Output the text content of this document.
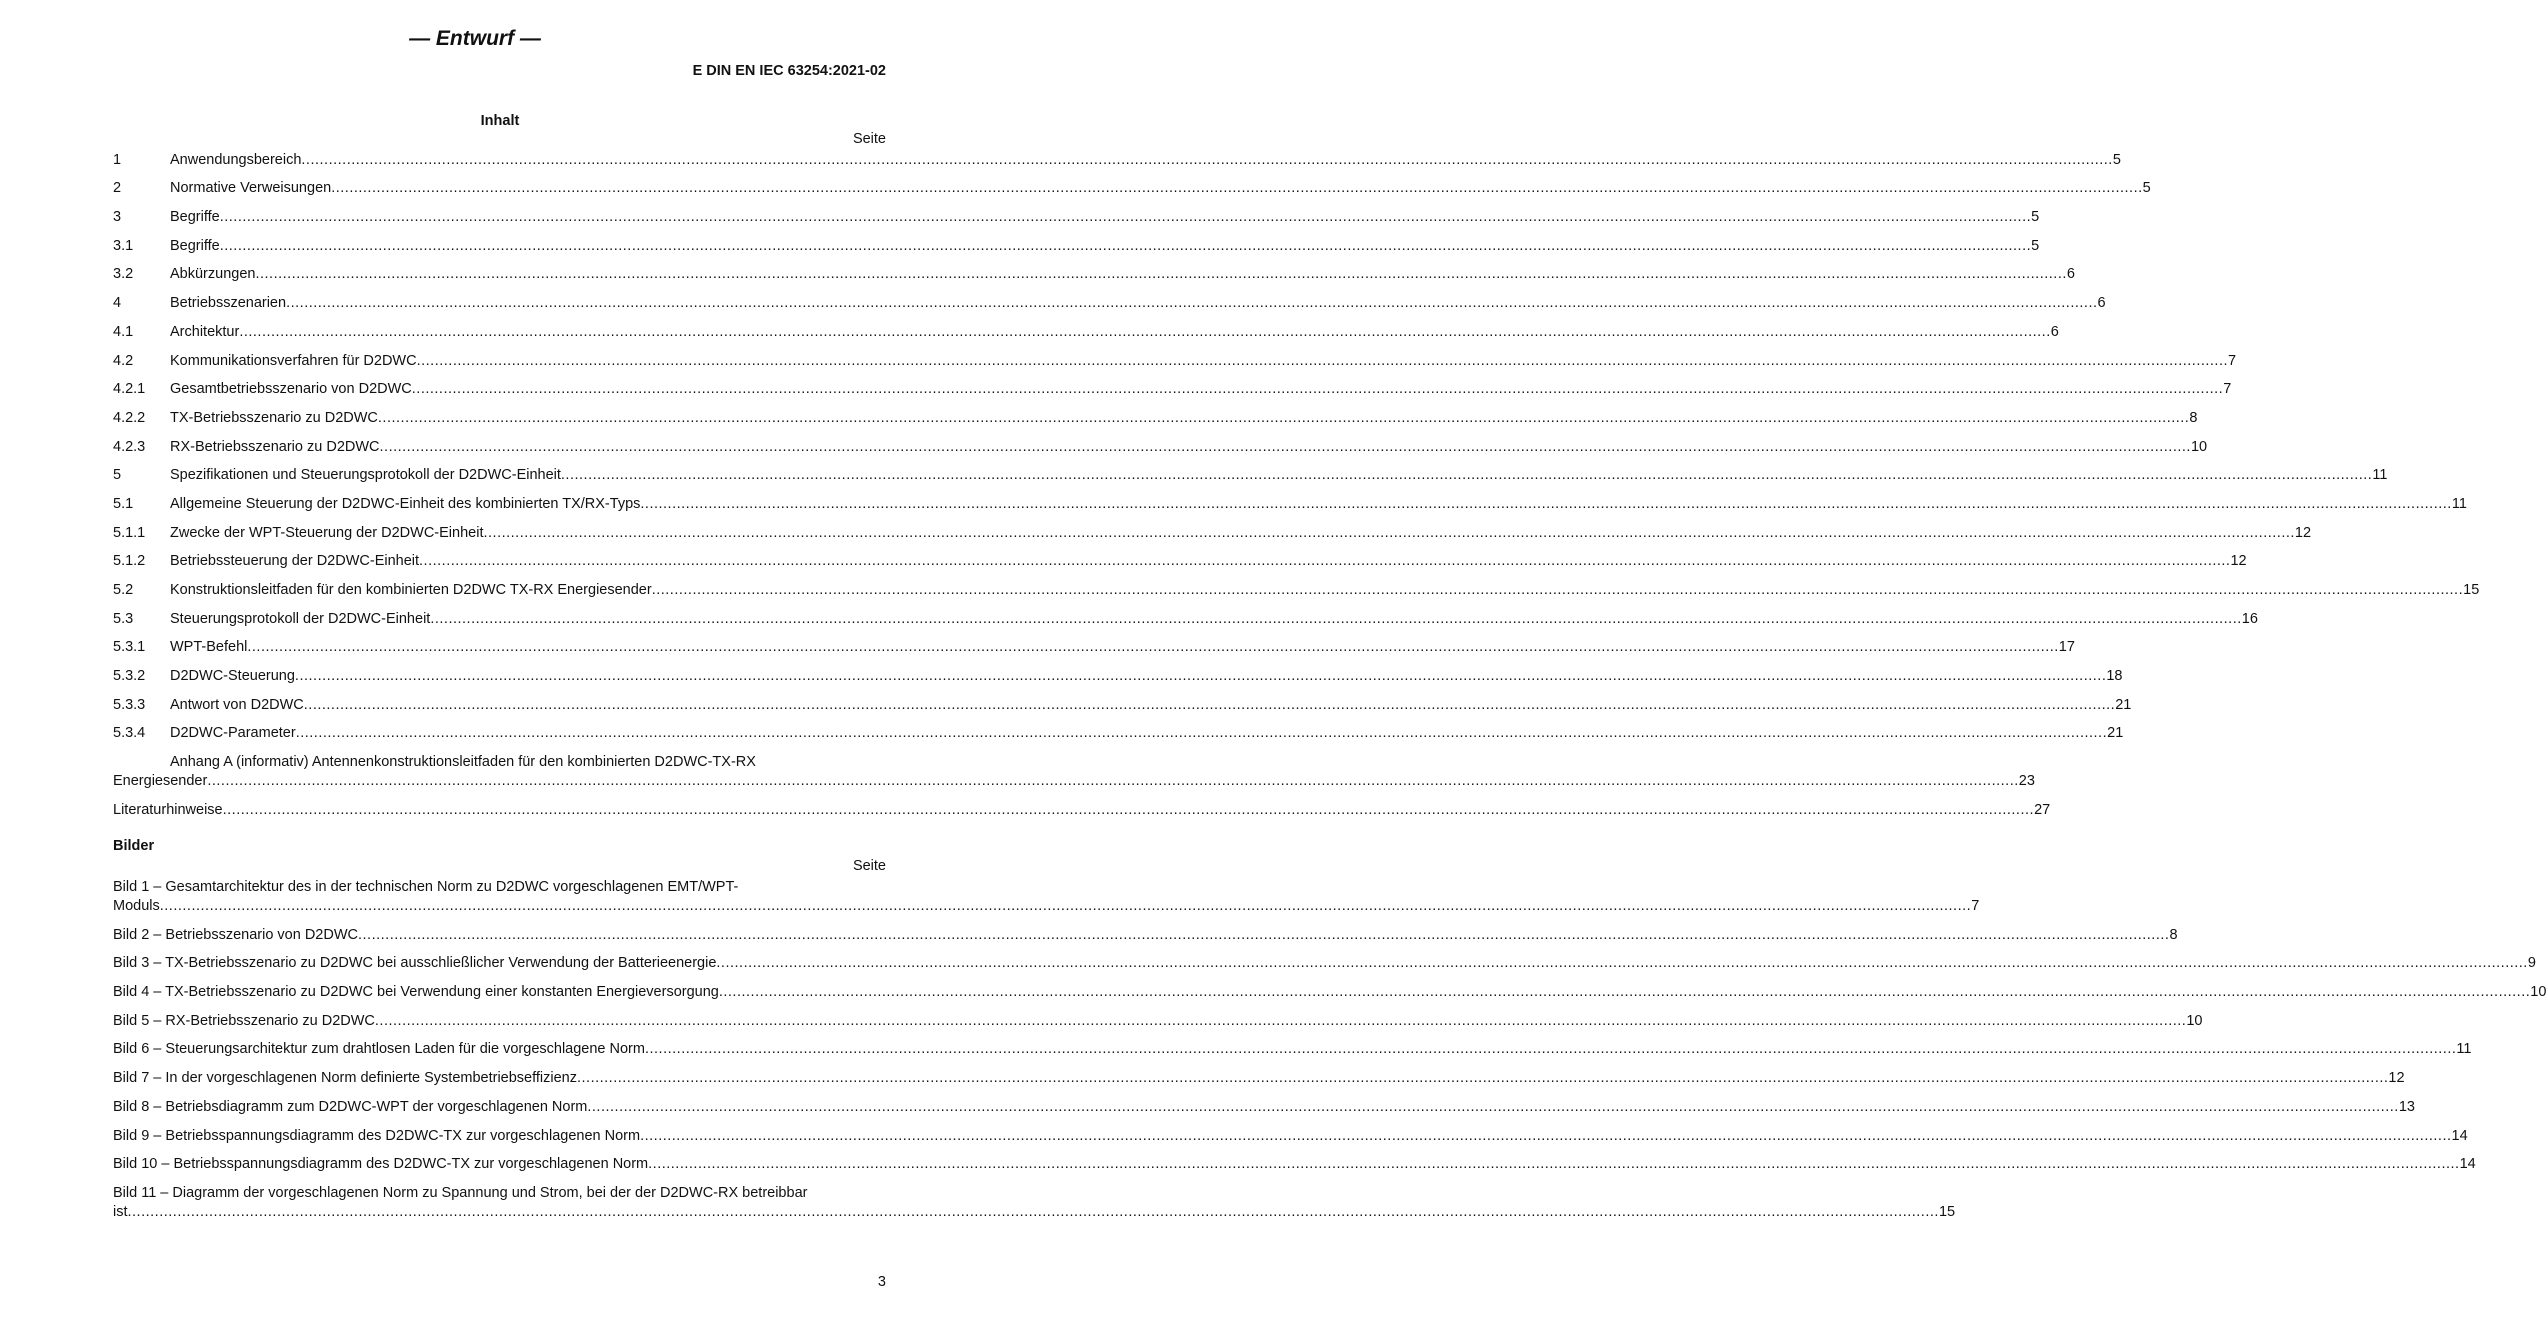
— Entwurf —
E DIN EN IEC 63254:2021-02
Inhalt
Seite
1	Anwendungsbereich ................................................................................................................................................................................................................................................................................................................................................................................................................ 5
2	Normative Verweisungen ................................................................................................................................................................................................................................................................................................................................................................................................................ 5
3	Begriffe ................................................................................................................................................................................................................................................................................................................................................................................................................ 5
3.1	Begriffe ................................................................................................................................................................................................................................................................................................................................................................................................................ 5
3.2	Abkürzungen ................................................................................................................................................................................................................................................................................................................................................................................................................ 6
4	Betriebsszenarien ................................................................................................................................................................................................................................................................................................................................................................................................................ 6
4.1	Architektur ................................................................................................................................................................................................................................................................................................................................................................................................................ 6
4.2	Kommunikationsverfahren für D2DWC ................................................................................................................................................................................................................................................................................................................................................................................................................ 7
4.2.1	Gesamtbetriebsszenario von D2DWC ................................................................................................................................................................................................................................................................................................................................................................................................................ 7
4.2.2	TX-Betriebsszenario zu D2DWC ................................................................................................................................................................................................................................................................................................................................................................................................................ 8
4.2.3	RX-Betriebsszenario zu D2DWC ................................................................................................................................................................................................................................................................................................................................................................................................................ 10
5	Spezifikationen und Steuerungsprotokoll der D2DWC-Einheit ................................................................................................................................................................................................................................................................................................................................................................................................................ 11
5.1	Allgemeine Steuerung der D2DWC-Einheit des kombinierten TX/RX-Typs ................................................................................................................................................................................................................................................................................................................................................................................................................ 11
5.1.1	Zwecke der WPT-Steuerung der D2DWC-Einheit ................................................................................................................................................................................................................................................................................................................................................................................................................ 12
5.1.2	Betriebssteuerung der D2DWC-Einheit ................................................................................................................................................................................................................................................................................................................................................................................................................ 12
5.2	Konstruktionsleitfaden für den kombinierten D2DWC TX-RX Energiesender ................................................................................................................................................................................................................................................................................................................................................................................................................ 15
5.3	Steuerungsprotokoll der D2DWC-Einheit ................................................................................................................................................................................................................................................................................................................................................................................................................ 16
5.3.1	WPT-Befehl ................................................................................................................................................................................................................................................................................................................................................................................................................ 17
5.3.2	D2DWC-Steuerung ................................................................................................................................................................................................................................................................................................................................................................................................................ 18
5.3.3	Antwort von D2DWC ................................................................................................................................................................................................................................................................................................................................................................................................................ 21
5.3.4	D2DWC-Parameter ................................................................................................................................................................................................................................................................................................................................................................................................................ 21
Anhang A (informativ) Antennenkonstruktionsleitfaden für den kombinierten D2DWC-TX-RX
Energiesender ................................................................................................................................................................................................................................................................................................................................................................................................................ 23
Literaturhinweise ................................................................................................................................................................................................................................................................................................................................................................................................................ 27
Bilder
Seite
Bild 1 – Gesamtarchitektur des in der technischen Norm zu D2DWC vorgeschlagenen EMT/WPT-
Moduls ................................................................................................................................................................................................................................................................................................................................................................................................................ 7
Bild 2 – Betriebsszenario von D2DWC ................................................................................................................................................................................................................................................................................................................................................................................................................ 8
Bild 3 – TX-Betriebsszenario zu D2DWC bei ausschließlicher Verwendung der Batterieenergie ................................................................................................................................................................................................................................................................................................................................................................................................................ 9
Bild 4 – TX-Betriebsszenario zu D2DWC bei Verwendung einer konstanten Energieversorgung ................................................................................................................................................................................................................................................................................................................................................................................................................ 10
Bild 5 – RX-Betriebsszenario zu D2DWC ................................................................................................................................................................................................................................................................................................................................................................................................................ 10
Bild 6 – Steuerungsarchitektur zum drahtlosen Laden für die vorgeschlagene Norm ................................................................................................................................................................................................................................................................................................................................................................................................................ 11
Bild 7 – In der vorgeschlagenen Norm definierte Systembetriebseffizienz ................................................................................................................................................................................................................................................................................................................................................................................................................ 12
Bild 8 – Betriebsdiagramm zum D2DWC-WPT der vorgeschlagenen Norm ................................................................................................................................................................................................................................................................................................................................................................................................................ 13
Bild 9 – Betriebsspannungsdiagramm des D2DWC-TX zur vorgeschlagenen Norm ................................................................................................................................................................................................................................................................................................................................................................................................................ 14
Bild 10 – Betriebsspannungsdiagramm des D2DWC-TX zur vorgeschlagenen Norm ................................................................................................................................................................................................................................................................................................................................................................................................................ 14
Bild 11 – Diagramm der vorgeschlagenen Norm zu Spannung und Strom, bei der der D2DWC-RX betreibbar
ist ................................................................................................................................................................................................................................................................................................................................................................................................................ 15
3
